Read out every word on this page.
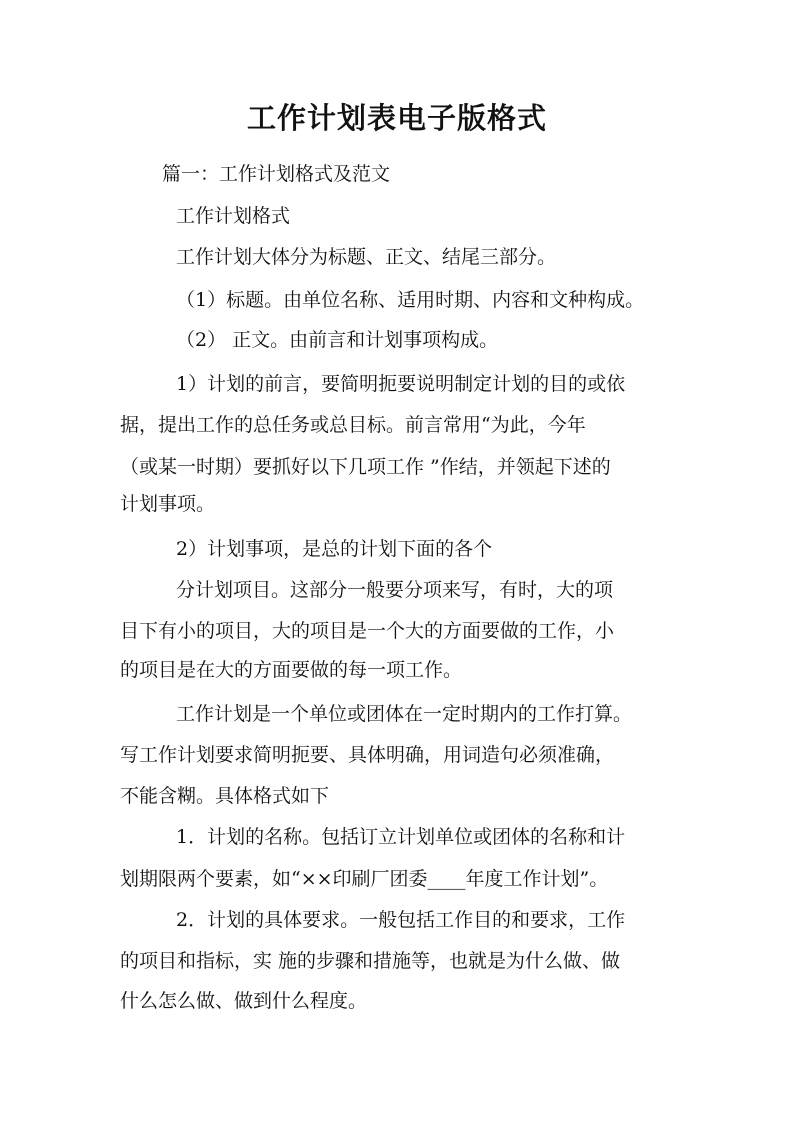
工作计划表电子版格式
篇一：工作计划格式及范文
工作计划格式
工作计划大体分为标题、正文、结尾三部分。
（1）标题。由单位名称、适用时期、内容和文种构成。
（2） 正文。由前言和计划事项构成。
1）计划的前言，要简明扼要说明制定计划的目的或依
据，提出工作的总任务或总目标。前言常用“为此，今年
（或某一时期）要抓好以下几项工作 ”作结，并领起下述的
计划事项。
2）计划事项，是总的计划下面的各个
分计划项目。这部分一般要分项来写，有时，大的项
目下有小的项目，大的项目是一个大的方面要做的工作，小
的项目是在大的方面要做的每一项工作。
工作计划是一个单位或团体在一定时期内的工作打算。
写工作计划要求简明扼要、具体明确，用词造句必须准确，
不能含糊。具体格式如下
1．计划的名称。包括订立计划单位或团体的名称和计
划期限两个要素，如“××印刷厂团委____年度工作计划”。
2．计划的具体要求。一般包括工作目的和要求，工作
的项目和指标，实 施的步骤和措施等，也就是为什么做、做
什么怎么做、做到什么程度。
